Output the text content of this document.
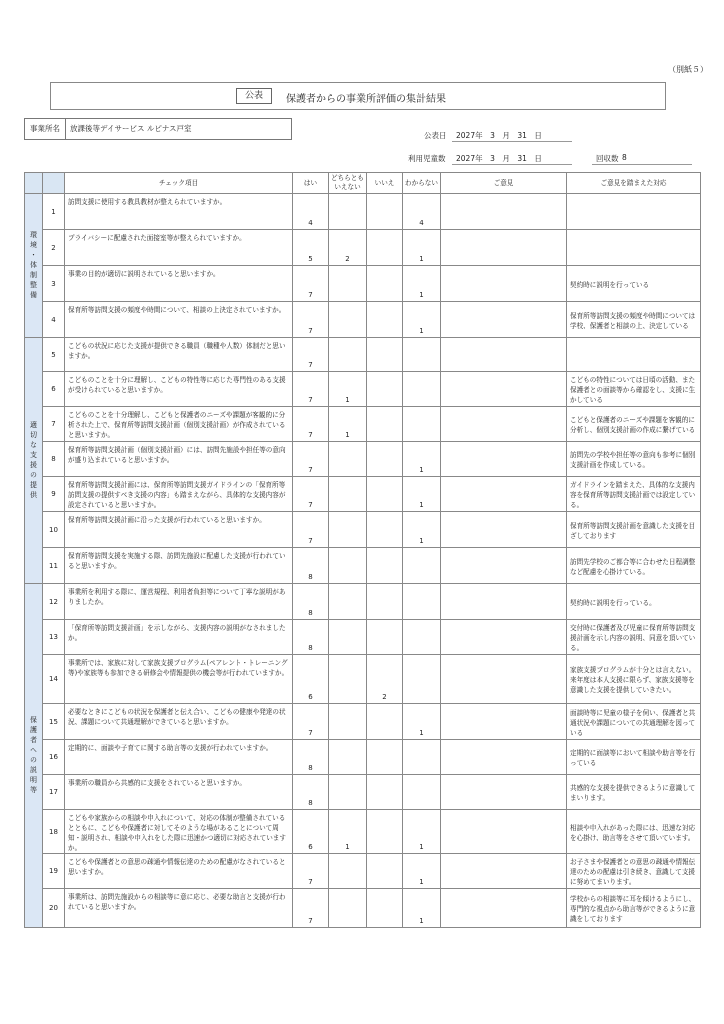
（別紙５）
公表	保護者からの事業所評価の集計結果
事業所名	放課後等デイサービス ルピナス戸室
公表日 2027年　3　月　31　日
利用児童数 2027年　3　月　31　日	回収数 8
		チェック項目	はい	どちらとも
いえない	いいえ	わからない	ご意見	ご意見を踏まえた対応
環境・体制整備	1	訪問支援に使用する教具教材が整えられていますか。	4			4		
	2	プライバシーに配慮された面接室等が整えられていますか。	5	2		1		
	3	事業の目的が適切に説明されていると思いますか。	7			1		契約時に説明を行っている
	4	保育所等訪問支援の頻度や時間について、相談の上決定されていますか。	7			1		保育所等訪問支援の頻度や時間については学校、保護者と相談の上、決定している
適切な支援の提供	5	こどもの状況に応じた支援が提供できる職員（職種や人数）体制だと思いますか。	7					
	6	こどものことを十分に理解し、こどもの特性等に応じた専門性のある支援が受けられていると思いますか。	7	1				こどもの特性については日頃の活動、また保護者との面談等から確認をし、支援に生かしている
	7	こどものことを十分理解し、こどもと保護者のニーズや課題が客観的に分析された上で、保育所等訪問支援計画（個別支援計画）が作成されていると思いますか。	7	1				こどもと保護者のニーズや課題を客観的に分析し、個別支援計画の作成に繋げている
	8	保育所等訪問支援計画（個別支援計画）には、訪問先施設や担任等の意向が盛り込まれていると思いますか。	7			1		訪問先の学校や担任等の意向も参考に個別支援計画を作成している。
	9	保育所等訪問支援計画には、保育所等訪問支援ガイドラインの「保育所等訪問支援の提供すべき支援の内容」も踏まえながら、具体的な支援内容が設定されていると思いますか。	7			1		ガイドラインを踏まえた、具体的な支援内容を保育所等訪問支援計画では設定している。
	10	保育所等訪問支援計画に沿った支援が行われていると思いますか。	7			1		保育所等訪問支援計画を意識した支援を目ざしております
	11	保育所等訪問支援を実施する際、訪問先施設に配慮した支援が行われていると思いますか。	8					訪問先学校のご都合等に合わせた日程調整など配慮を心掛けている。
保護者への説明等	12	事業所を利用する際に、運営規程、利用者負担等について丁寧な説明がありましたか。	8					契約時に説明を行っている。
	13	「保育所等訪問支援計画」を示しながら、支援内容の説明がなされましたか。	8					交付時に保護者及び児童に保育所等訪問支援計画を示し内容の説明、同意を頂いている。
	14	事業所では、家族に対して家族支援プログラム(ペアレント・トレーニング等)や家族等も参加できる研修会や情報提供の機会等が行われていますか。	6		2			家族支援プログラムが十分とは言えない。来年度は本人支援に限らず、家族支援等を意識した支援を提供していきたい。
	15	必要なときにこどもの状況を保護者と伝え合い、こどもの健康や発達の状況、課題について共通理解ができていると思いますか。	7			1		面談時等に児童の様子を伺い、保護者と共通状況や課題についての共通理解を図っている
	16	定期的に、面談や子育てに関する助言等の支援が行われていますか。	8					定期的に面談等において相談や助言等を行っている
	17	事業所の職員から共感的に支援をされていると思いますか。	8					共感的な支援を提供できるように意識してまいります。
	18	こどもや家族からの相談や申入れについて、対応の体制が整備されているとともに、こどもや保護者に対してそのような場があることについて周知・説明され、相談や申入れをした際に迅速かつ適切に対応されていますか。	6	1		1		相談や申入れがあった際には、迅速な対応を心掛け、助言等をさせて頂いています。
	19	こどもや保護者との意思の疎通や情報伝達のための配慮がなされていると思いますか。	7			1		お子さまや保護者との意思の疎通や情報伝達のための配慮は引き続き、意識して支援に努めてまいります。
	20	事業所は、訪問先施設からの相談等に意に応じ、必要な助言と支援が行われていると思いますか。	7			1		学校からの相談等に耳を傾けるようにし、専門的な視点から助言等ができるように意識をしております
